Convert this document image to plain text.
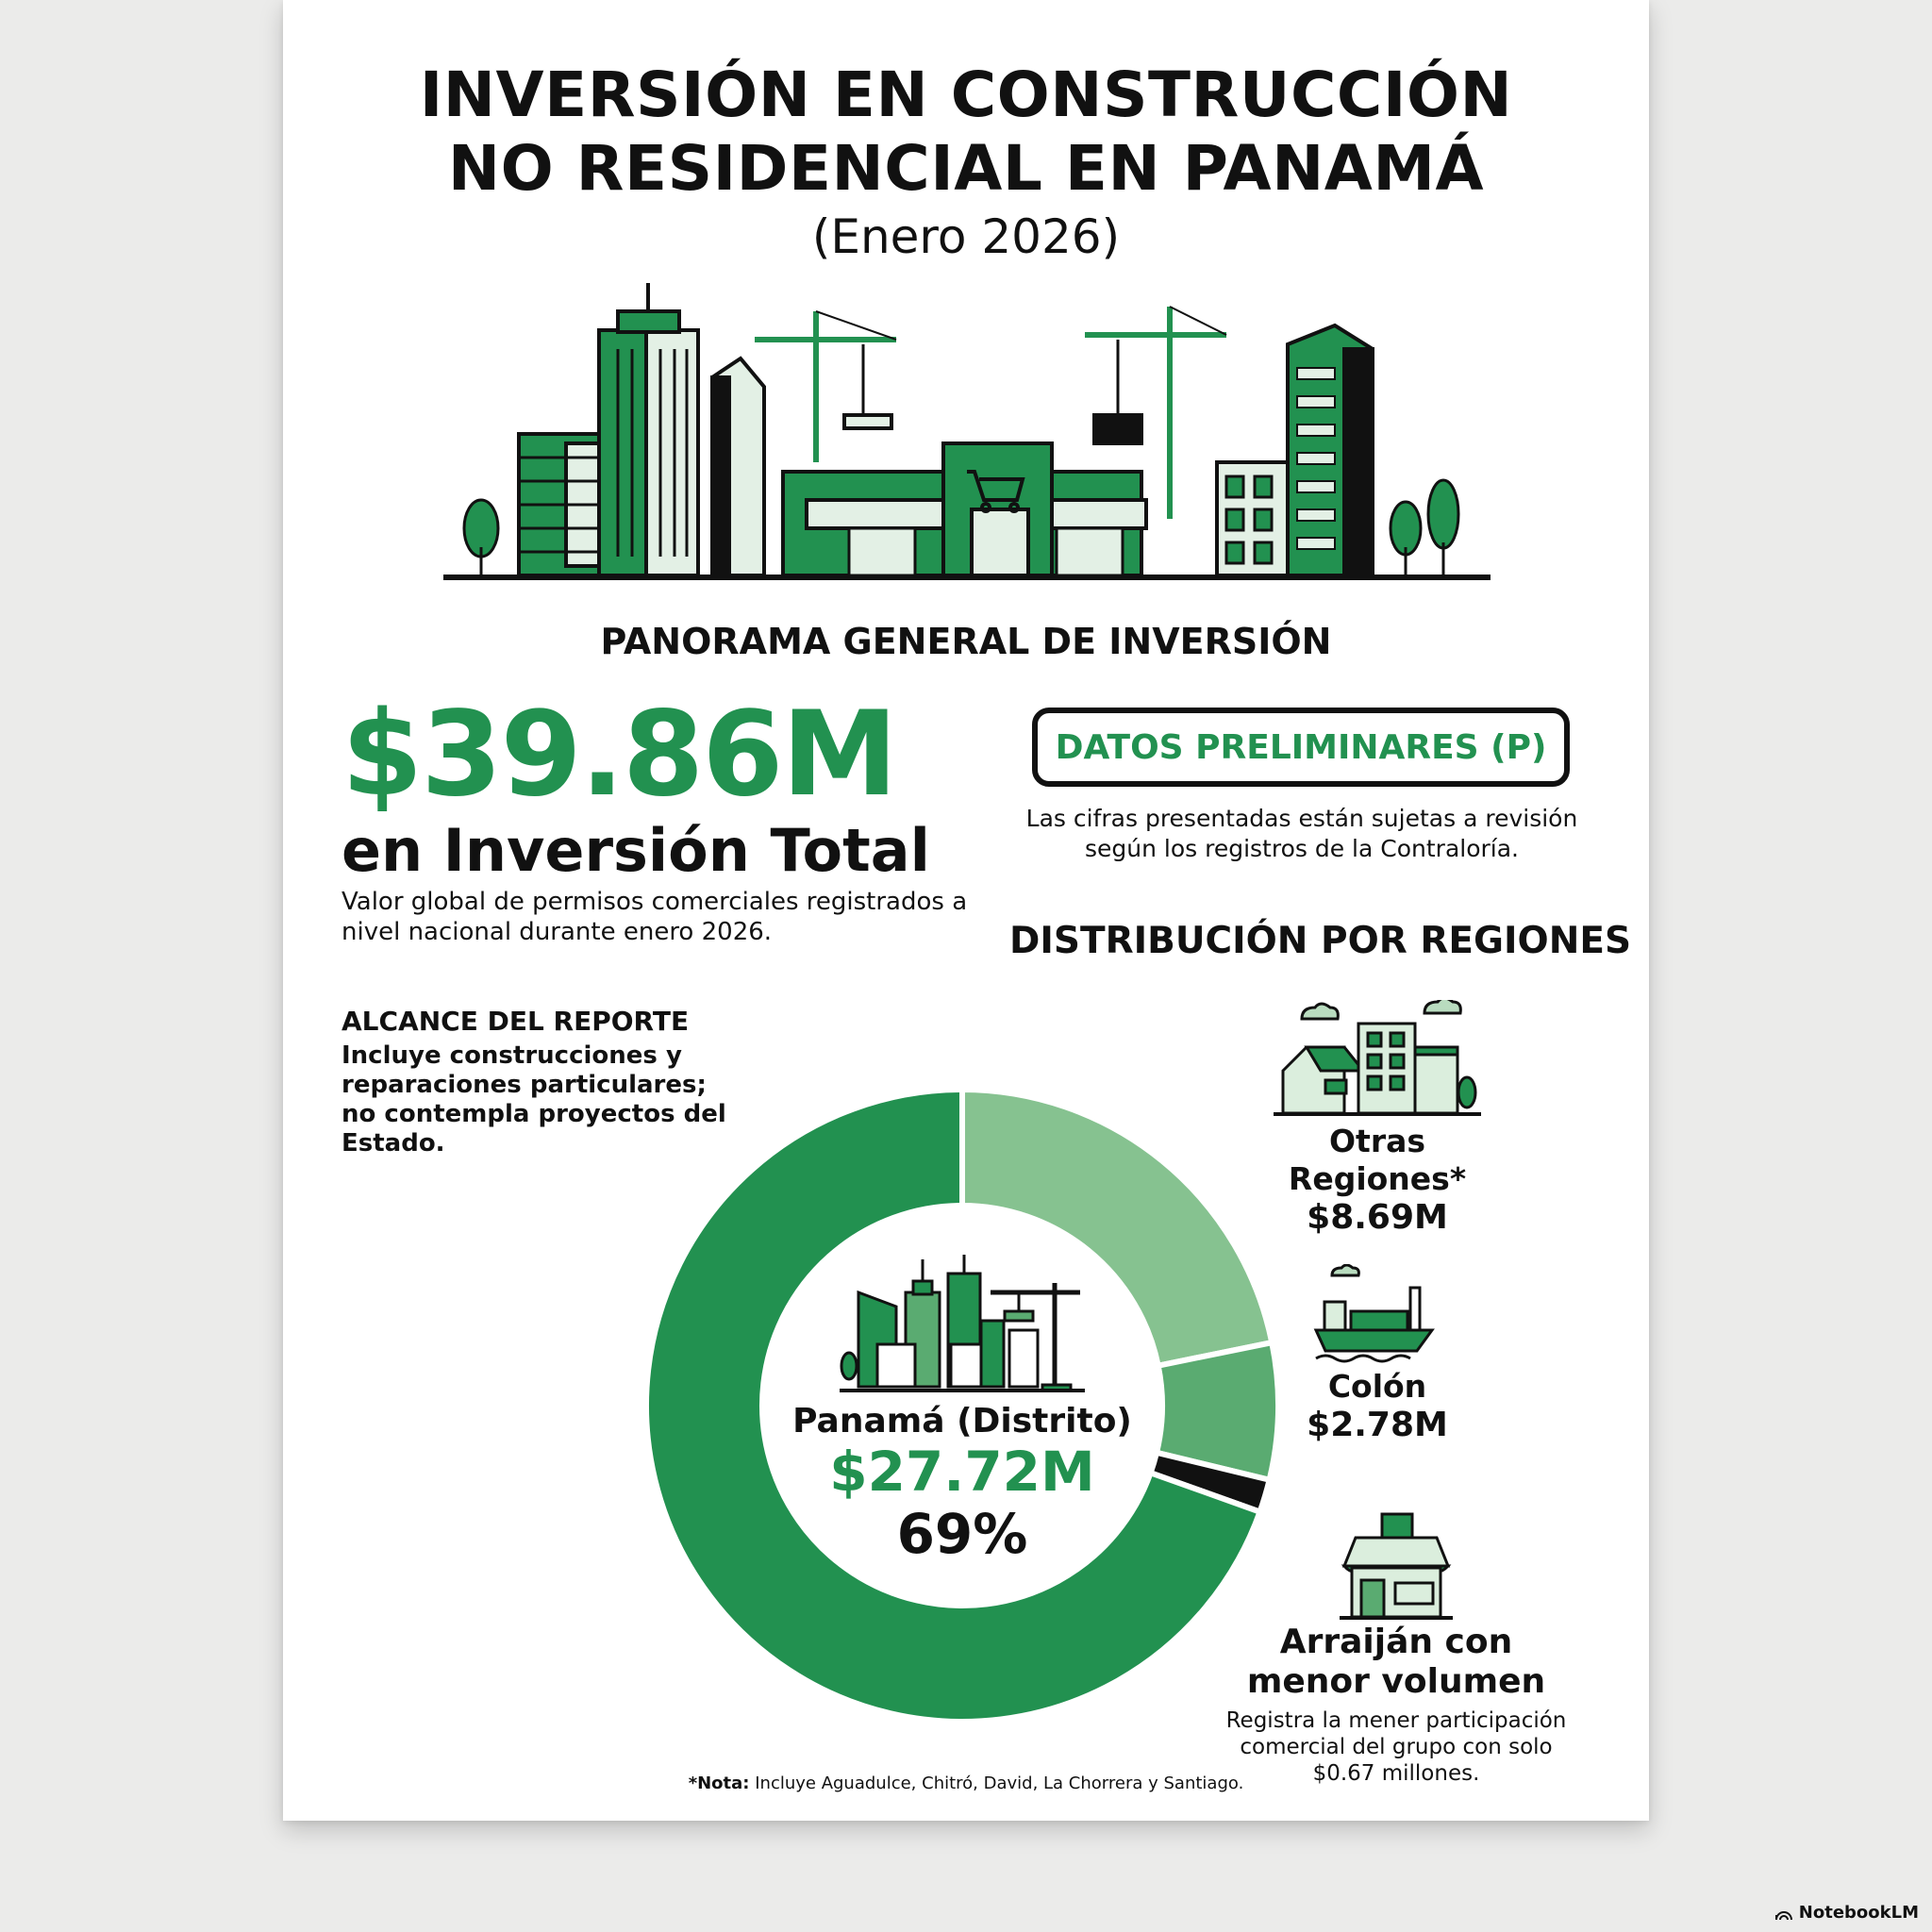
INVERSIÓN EN CONSTRUCCIÓN
NO RESIDENCIAL EN PANAMÁ
(Enero 2026)
PANORAMA GENERAL DE INVERSIÓN
$39.86M
en Inversión Total
Valor global de permisos comerciales registrados a nivel nacional durante enero 2026.
DATOS PRELIMINARES (P)
Las cifras presentadas están sujetas a revisión según los registros de la Contraloría.
DISTRIBUCIÓN POR REGIONES
ALCANCE DEL REPORTE
Incluye construcciones y reparaciones particulares; no contempla proyectos del Estado.
Panamá (Distrito)
$27.72M
69%
Otras Regiones*
$8.69M
Colón
$2.78M
Arraiján con
menor volumen
Registra la mener participación comercial del grupo con solo $0.67 millones.
*Nota: Incluye Aguadulce, Chitró, David, La Chorrera y Santiago.
NotebookLM
